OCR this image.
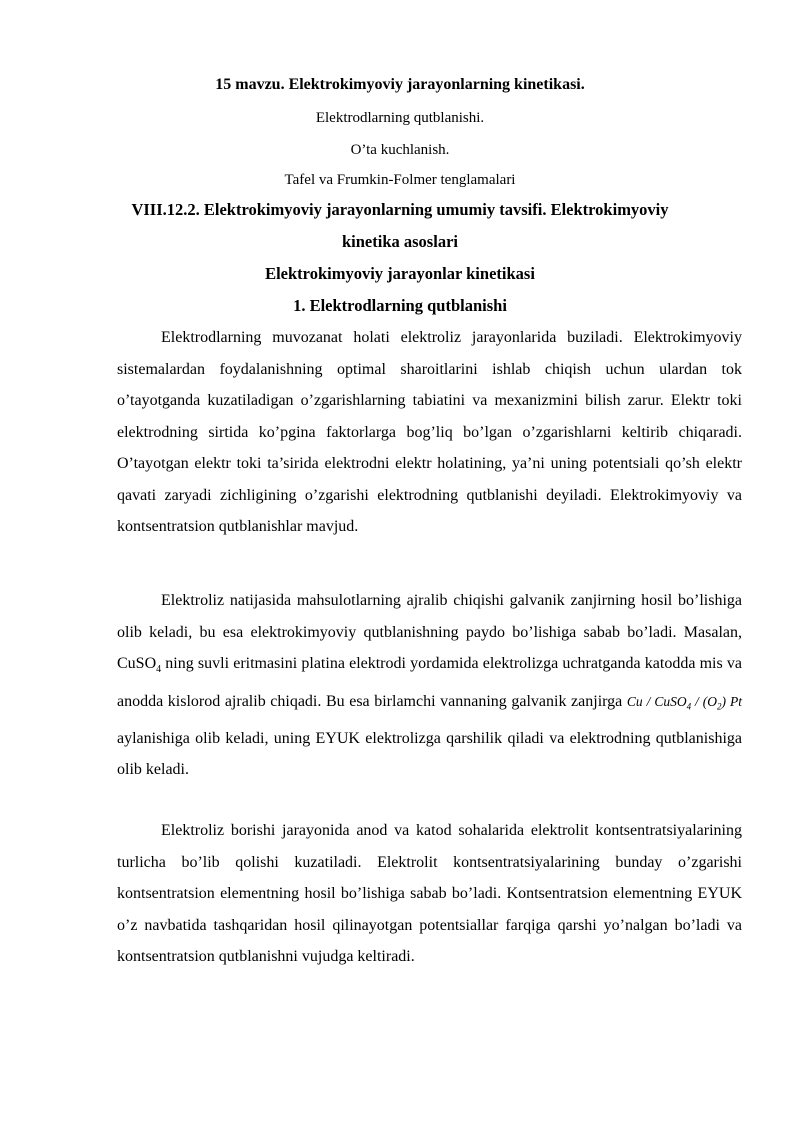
15 mavzu. Elektrokimyoviy jarayonlarning kinetikasi.
Elektrodlarning qutblanishi.
O’ta kuchlanish.
Tafel va Frumkin-Folmer tenglamalari
VIII.12.2. Elektrokimyoviy jarayonlarning umumiy tavsifi. Elektrokimyoviy
kinetika asoslari
Elektrokimyoviy jarayonlar kinetikasi
1. Elektrodlarning qutblanishi

Elektrodlarning muvozanat holati elektroliz jarayonlarida buziladi. Elektrokimyoviy sistemalardan foydalanishning optimal sharoitlarini ishlab chiqish uchun ulardan tok o’tayotganda kuzatiladigan o’zgarishlarning tabiatini va mexanizmini bilish zarur. Elektr toki elektrodning sirtida ko’pgina faktorlarga bog’liq bo’lgan o’zgarishlarni keltirib chiqaradi. O’tayotgan elektr toki ta’sirida elektrodni elektr holatining, ya’ni uning potentsiali qo’sh elektr qavati zaryadi zichligining o’zgarishi elektrodning qutblanishi deyiladi. Elektrokimyoviy va kontsentratsion qutblanishlar mavjud.

Elektroliz natijasida mahsulotlarning ajralib chiqishi galvanik zanjirning hosil bo’lishiga olib keladi, bu esa elektrokimyoviy qutblanishning paydo bo’lishiga sabab bo’ladi. Masalan, CuSO$_4$ ning suvli eritmasini platina elektrodi yordamida elektrolizga uchratganda katodda mis va anodda kislorod ajralib chiqadi. Bu esa birlamchi vannaning galvanik zanjirga Cu / CuSO$_4$ / $(O_2)$ Pt aylanishiga olib keladi, uning EYUK elektrolizga qarshilik qiladi va elektrodning qutblanishiga olib keladi.

Elektroliz borishi jarayonida anod va katod sohalarida elektrolit kontsentratsiyalarining turlicha bo’lib qolishi kuzatiladi. Elektrolit kontsentratsiyalarining bunday o’zgarishi kontsentratsion elementning hosil bo’lishiga sabab bo’ladi. Kontsentratsion elementning EYUK o’z navbatida tashqaridan hosil qilinayotgan potentsiallar farqiga qarshi yo’nalgan bo’ladi va kontsentratsion qutblanishni vujudga keltiradi.
